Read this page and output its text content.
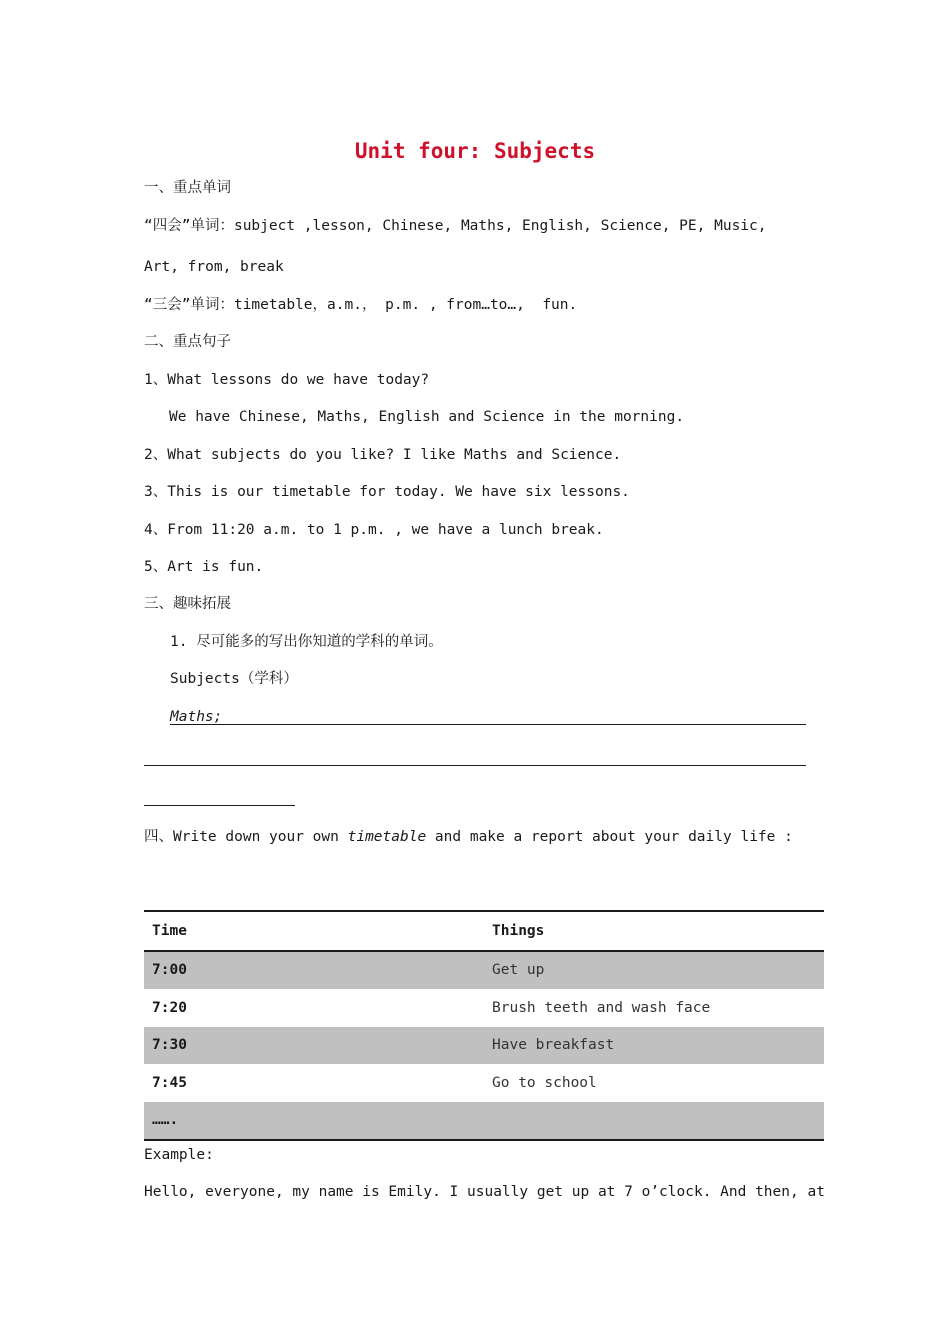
Unit four: Subjects
一、重点单词
“四会”单词：subject ,lesson, Chinese, Maths, English, Science, PE, Music,
Art, from, break
“三会”单词：timetable，a.m.， p.m. , from…to…,  fun.
二、重点句子
1、What lessons do we have today?
We have Chinese, Maths, English and Science in the morning.
2、What subjects do you like? I like Maths and Science.
3、This is our timetable for today. We have six lessons.
4、From 11:20 a.m. to 1 p.m. , we have a lunch break.
5、Art is fun.
三、趣味拓展
1. 尽可能多的写出你知道的学科的单词。
Subjects（学科）
Maths;
四、Write down your own timetable and make a report about your daily life :
Time	Things
7:00	Get up
7:20	Brush teeth and wash face
7:30	Have breakfast
7:45	Go to school
…….	
Example:
Hello, everyone, my name is Emily. I usually get up at 7 o’clock. And then, at
